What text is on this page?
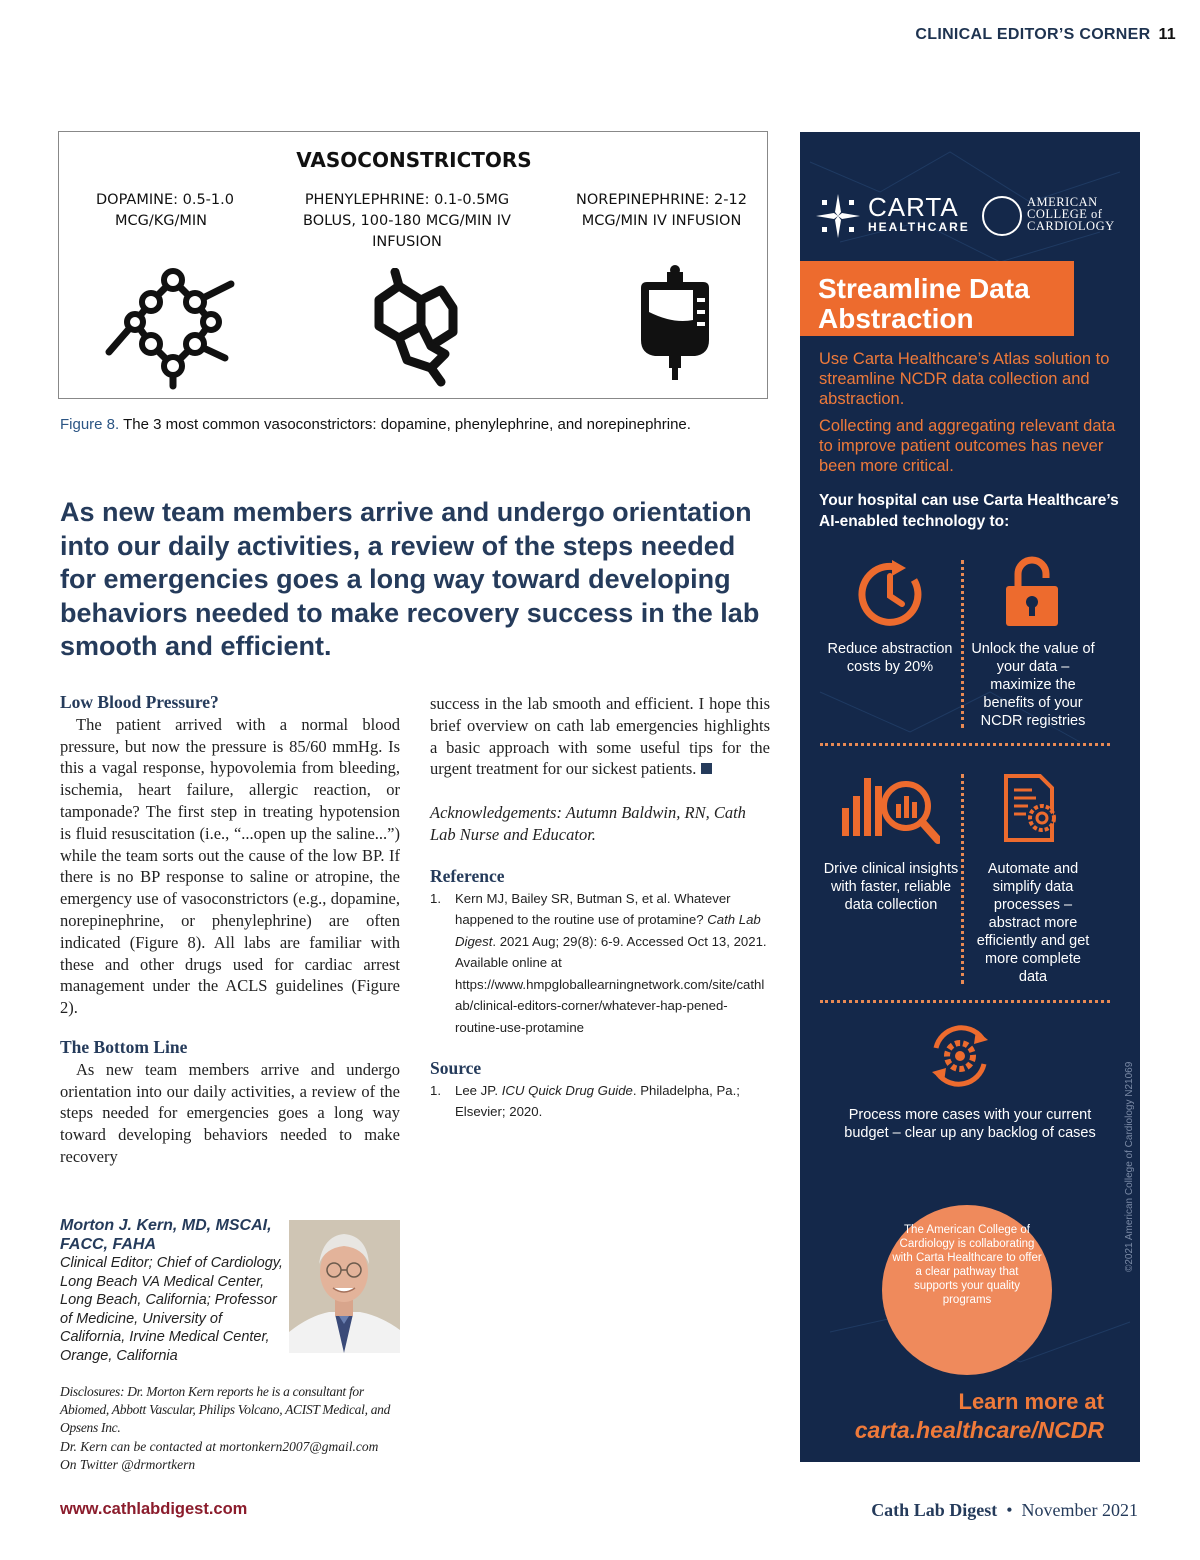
CLINICAL EDITOR’S CORNER 11
VASOCONSTRICTORS
DOPAMINE: 0.5-1.0
MCG/KG/MIN
PHENYLEPHRINE: 0.1-0.5MG
BOLUS, 100-180 MCG/MIN IV
INFUSION
NOREPINEPHRINE: 2-12
MCG/MIN IV INFUSION
Figure 8. The 3 most common vasoconstrictors: dopamine, phenylephrine, and norepinephrine.
As new team members arrive and undergo orientation into our daily activities, a review of the steps needed for emergencies goes a long way toward developing behaviors needed to make recovery success in the lab smooth and efficient.
Low Blood Pressure?
The patient arrived with a normal blood pressure, but now the pressure is 85/60 mmHg. Is this a vagal response, hypovolemia from bleeding, ischemia, heart failure, allergic reaction, or tamponade? The first step in treating hypotension is fluid resuscitation (i.e., “...open up the saline...”) while the team sorts out the cause of the low BP. If there is no BP response to saline or atropine, the emergency use of vasoconstrictors (e.g., dopamine, norepinephrine, or phenylephrine) are often indicated (Figure 8). All labs are familiar with these and other drugs used for cardiac arrest management under the ACLS guidelines (Figure 2).
The Bottom Line
As new team members arrive and undergo orientation into our daily activities, a review of the steps needed for emergencies goes a long way toward developing behaviors needed to make recovery
success in the lab smooth and efficient. I hope this brief overview on cath lab emergencies highlights a basic approach with some useful tips for the urgent treatment for our sickest patients.
Acknowledgements: Autumn Baldwin, RN, Cath Lab Nurse and Educator.
Reference
1. Kern MJ, Bailey SR, Butman S, et al. Whatever happened to the routine use of protamine? Cath Lab Digest. 2021 Aug; 29(8): 6-9. Accessed Oct 13, 2021. Available online at https://www.hmpgloballearningnetwork.com/site/cathlab/clinical-editors-corner/whatever-hap-pened-routine-use-protamine
Source
1. Lee JP. ICU Quick Drug Guide. Philadelpha, Pa.; Elsevier; 2020.
Morton J. Kern, MD, MSCAI, FACC, FAHA
Clinical Editor; Chief of Cardiology, Long Beach VA Medical Center, Long Beach, California; Professor of Medicine, University of California, Irvine Medical Center, Orange, California
Disclosures: Dr. Morton Kern reports he is a consultant for Abiomed, Abbott Vascular, Philips Volcano, ACIST Medical, and Opsens Inc.
Dr. Kern can be contacted at mortonkern2007@gmail.com
On Twitter @drmortkern
www.cathlabdigest.com	Cath Lab Digest • November 2021
CARTA
HEALTHCARE
AMERICAN
COLLEGE of
CARDIOLOGY
Streamline Data
Abstraction
Use Carta Healthcare’s Atlas solution to streamline NCDR data collection and abstraction.
Collecting and aggregating relevant data to improve patient outcomes has never been more critical.
Your hospital can use Carta Healthcare’s AI-enabled technology to:
Reduce abstraction costs by 20%
Unlock the value of your data – maximize the benefits of your NCDR registries
Drive clinical insights with faster, reliable data collection
Automate and simplify data processes – abstract more efficiently and get more complete data
Process more cases with your current budget – clear up any backlog of cases
The American College of Cardiology is collaborating with Carta Healthcare to offer a clear pathway that supports your quality programs
Learn more at
carta.healthcare/NCDR
©2021 American College of Cardiology N21069
